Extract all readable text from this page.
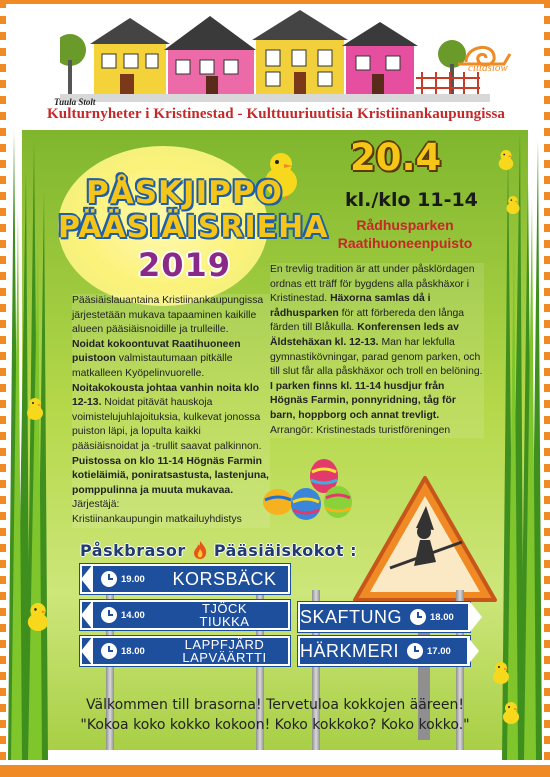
Tuula Stolt
cittaslow
Kulturnyheter i Kristinestad - Kulttuuriuutisia Kristiinankaupungissa
PÅSKJIPPO
PÄÄSIÄISRIEHA
2019
20.4
kl./klo 11-14
Rådhusparken
Raatihuoneenpuisto

Pääsiäislauantaina Kristiinankaupungissa järjestetään mukava tapaaminen kaikille alueen pääsiäisnoidille ja trulleille.

Noidat kokoontuvat Raatihuoneen puistoon valmistautumaan pitkälle matkalleen Kyöpelinvuorelle.

Noitakokousta johtaa vanhin noita klo 12-13. Noidat pitävät hauskoja voimistelujuhlajoituksia, kulkevat jonossa puiston läpi, ja lopulta kaikki pääsiäisnoidat ja -trullit saavat palkinnon.

Puistossa on klo 11-14 Högnäs Farmin kotieläimiä, poniratsastusta, lastenjuna, pomppulinna ja muuta mukavaa.

Järjestäjä:

Kristiinankaupungin matkailuyhdistys

En trevlig tradition är att under påsklördagen ordnas ett träff för bygdens alla påskhäxor i Kristinestad. Häxorna samlas då i rådhusparken för att förbereda den långa färden till Blåkulla. Konferensen leds av Äldstehäxan kl. 12-13. Man har lekfulla gymnastikövningar, parad genom parken, och till slut får alla påskhäxor och troll en belöning. I parken finns kl. 11-14 husdjur från Högnäs Farmin, ponnyridning, tåg för barn, hoppborg och annat trevligt.

Arrangör: Kristinestads turistföreningen

Påskbrasor Pääsiäiskokot :
19.00	KORSBÄCK
14.00	TJÖCK
TIUKKA
18.00	LAPPFJÄRD
LAPVÄÄRTTI
SKAFTUNG	18.00
HÄRKMERI	17.00
Välkommen till brasorna! Tervetuloa kokkojen ääreen!
"Kokoa koko kokko kokoon! Koko kokkoko? Koko kokko."
